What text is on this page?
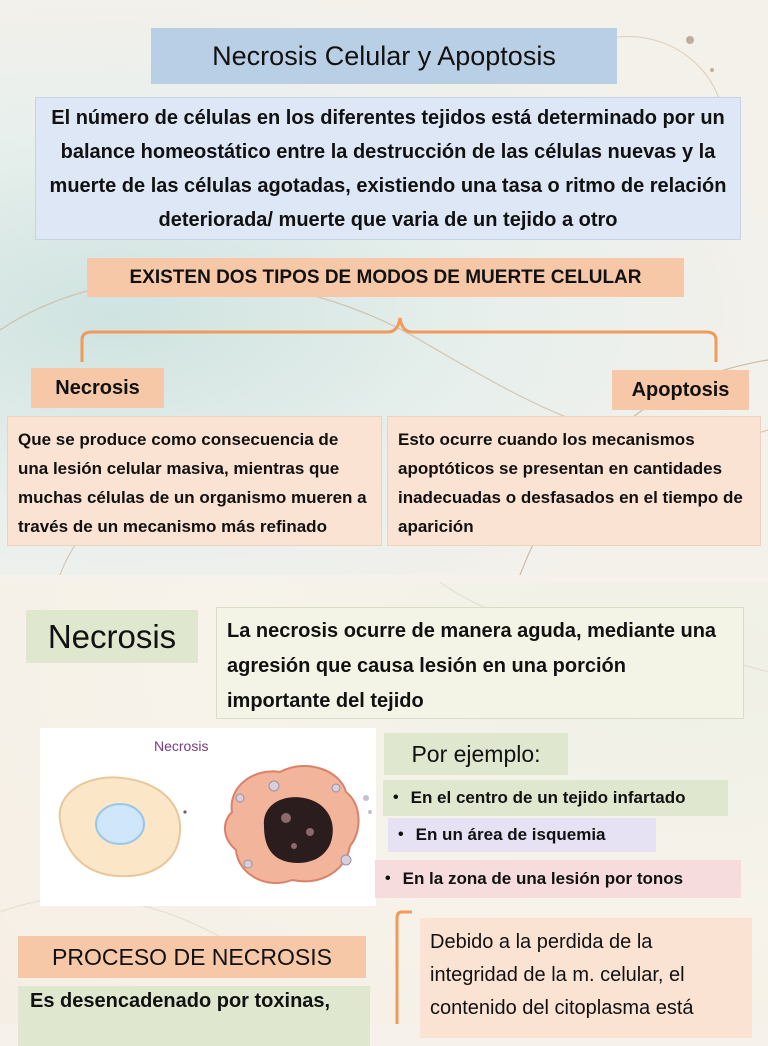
Necrosis Celular y Apoptosis
El número de células en los diferentes tejidos está determinado por un balance homeostático entre la destrucción de las células nuevas y la muerte de las células agotadas, existiendo una tasa o ritmo de relación deteriorada/ muerte que varia de un tejido a otro
EXISTEN DOS TIPOS DE MODOS DE MUERTE CELULAR
Necrosis	Apoptosis
Que se produce como consecuencia de una lesión celular masiva, mientras que muchas células de un organismo mueren a través de un mecanismo más refinado
Esto ocurre cuando los mecanismos apoptóticos se presentan en cantidades inadecuadas o desfasados en el tiempo de aparición
Necrosis	La necrosis ocurre de manera aguda, mediante una agresión que causa lesión en una porción importante del tejido
Necrosis	Por ejemplo:
• En el centro de un tejido infartado
• En un área de isquemia
• En la zona de una lesión por tonos
PROCESO DE NECROSIS
Es desencadenado por toxinas,
Debido a la perdida de la integridad de la m. celular, el contenido del citoplasma está
